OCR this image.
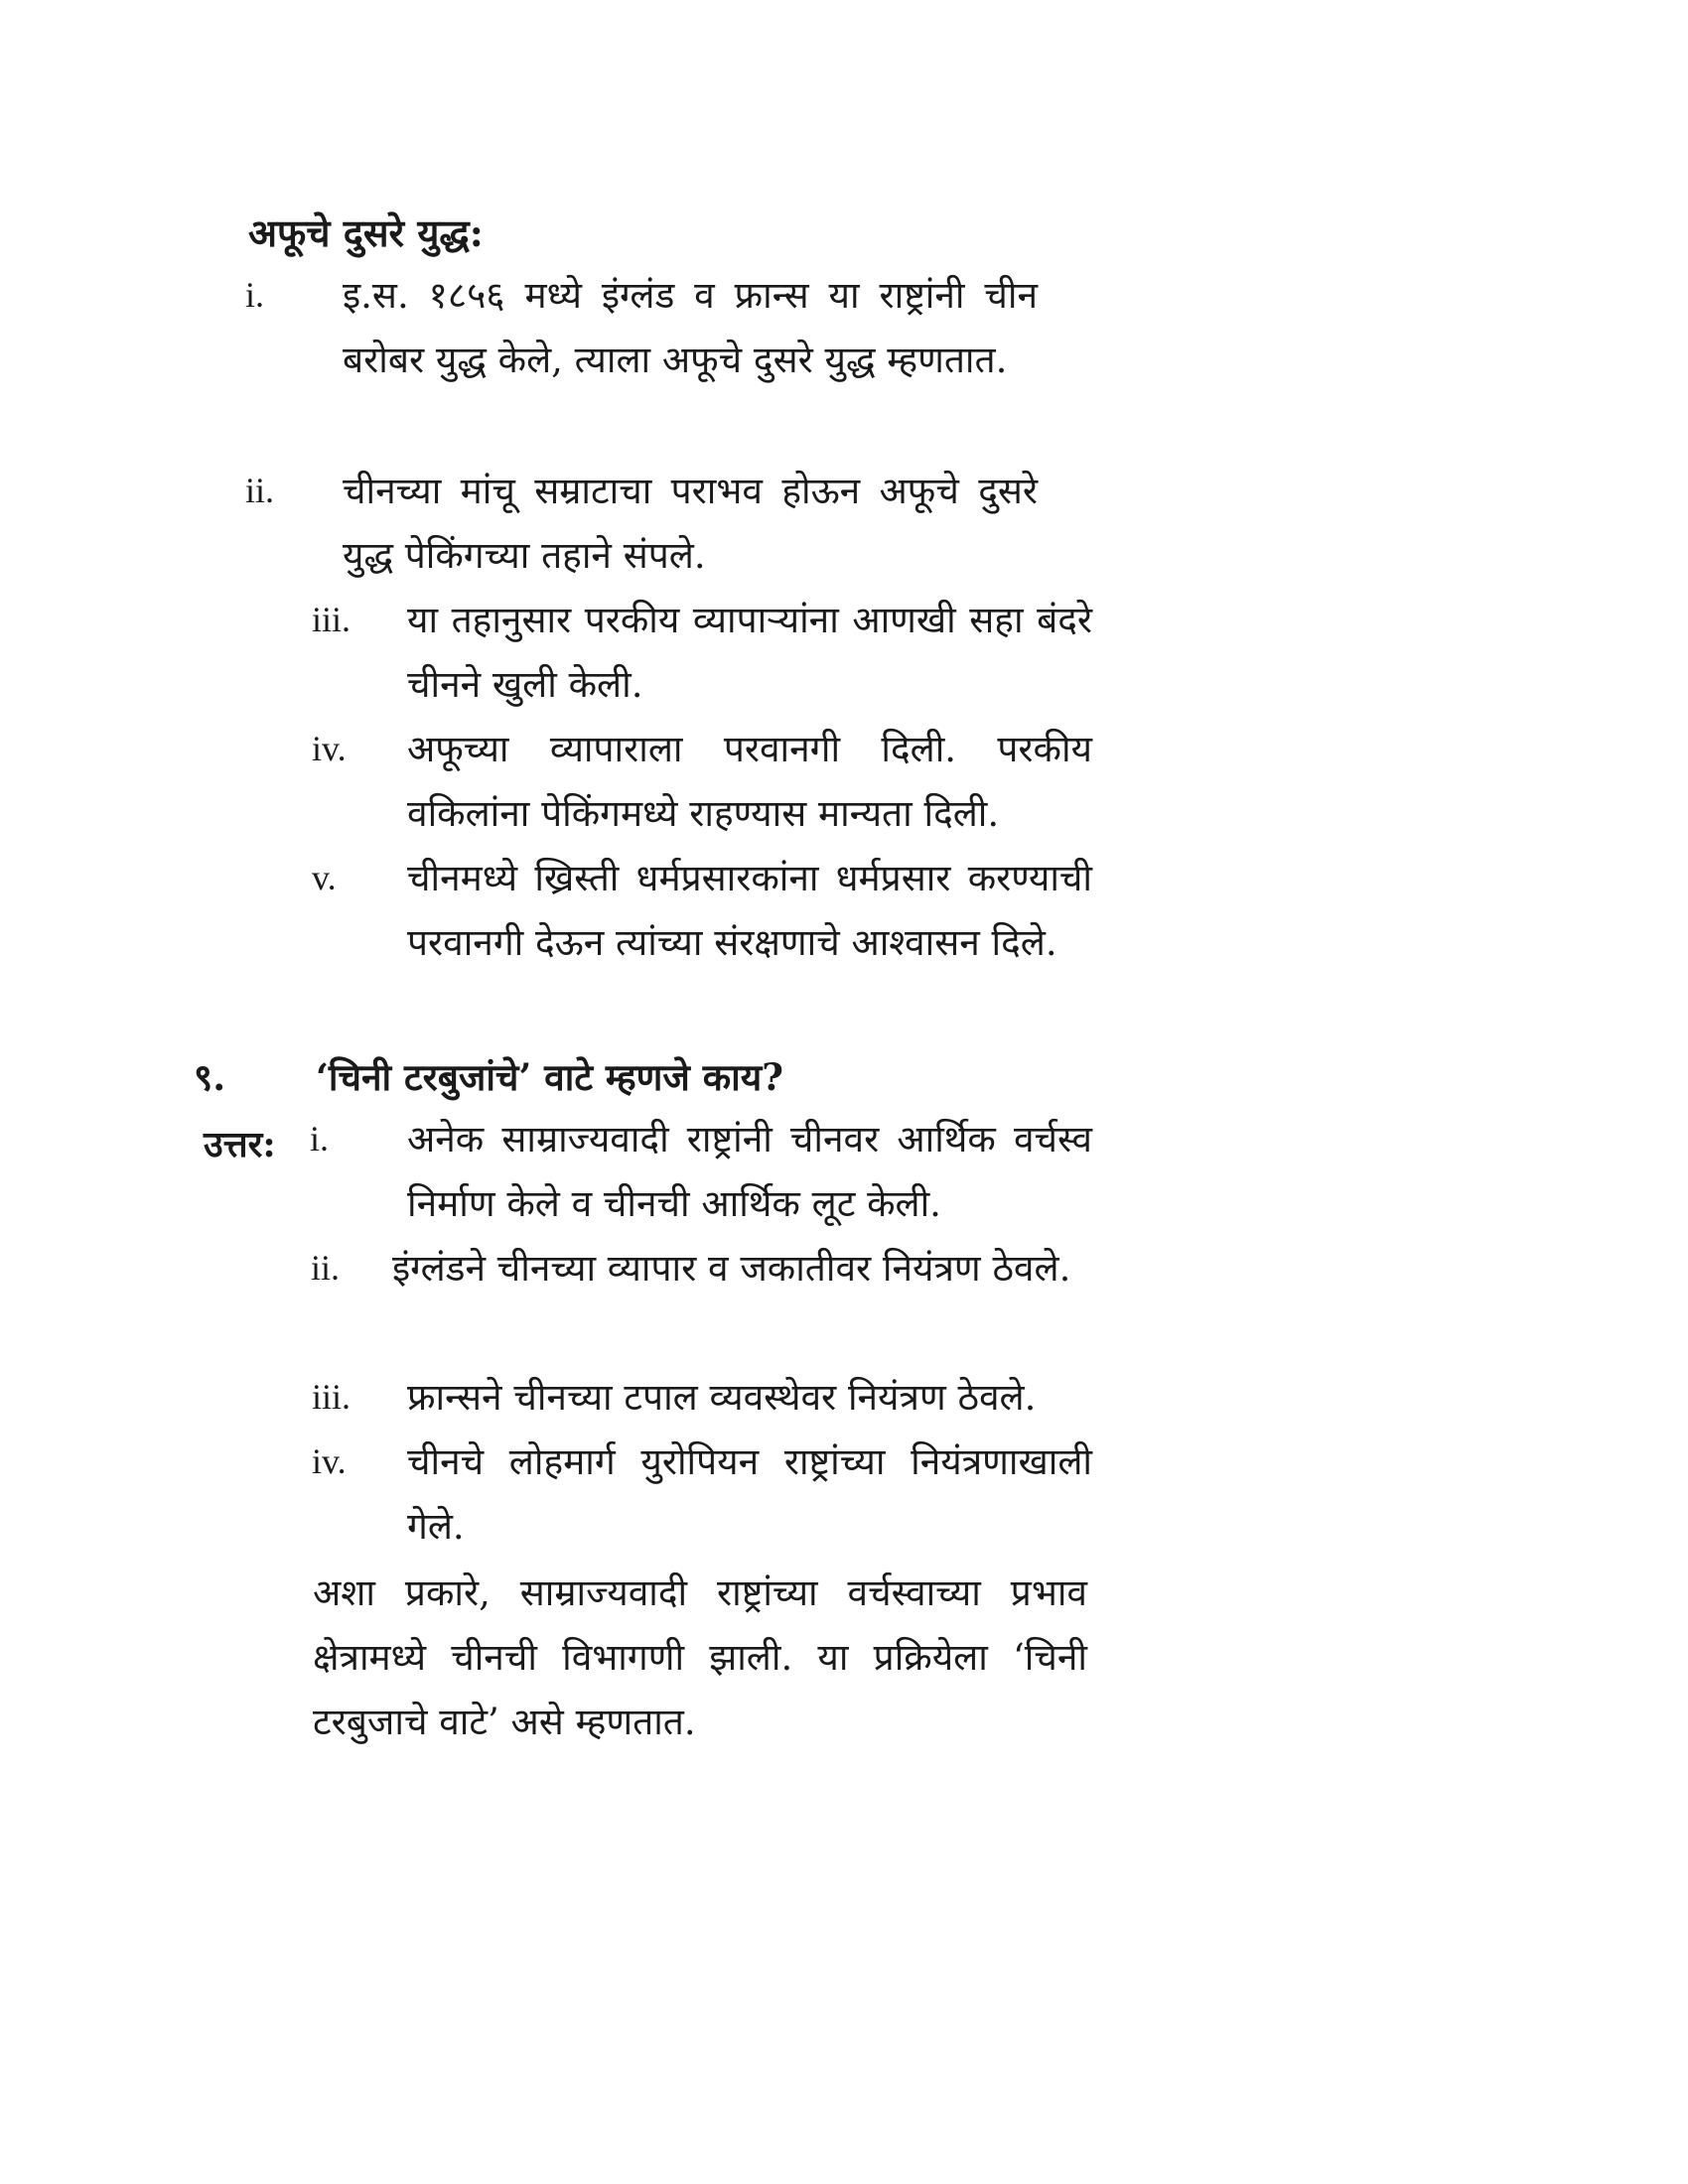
अफूचे दुसरे युद्ध:
i.	इ.स. १८५६ मध्ये इंग्लंड व फ्रान्स या राष्ट्रांनी चीन बरोबर युद्ध केले, त्याला अफूचे दुसरे युद्ध म्हणतात.
ii.	चीनच्या मांचू सम्राटाचा पराभव होऊन अफूचे दुसरे युद्ध पेकिंगच्या तहाने संपले.
iii.	या तहानुसार परकीय व्यापाऱ्यांना आणखी सहा बंदरे चीनने खुली केली.
iv.	अफूच्या व्यापाराला परवानगी दिली. परकीय वकिलांना पेकिंगमध्ये राहण्यास मान्यता दिली.
v.	चीनमध्ये ख्रिस्ती धर्मप्रसारकांना धर्मप्रसार करण्याची परवानगी देऊन त्यांच्या संरक्षणाचे आश्वासन दिले.
९. ‘चिनी टरबुजांचे’ वाटे म्हणजे काय?
उत्तर: i.	अनेक साम्राज्यवादी राष्ट्रांनी चीनवर आर्थिक वर्चस्व निर्माण केले व चीनची आर्थिक लूट केली.
ii.	इंग्लंडने चीनच्या व्यापार व जकातीवर नियंत्रण ठेवले.
iii.	फ्रान्सने चीनच्या टपाल व्यवस्थेवर नियंत्रण ठेवले.
iv.	चीनचे लोहमार्ग युरोपियन राष्ट्रांच्या नियंत्रणाखाली गेले.

अशा प्रकारे, साम्राज्यवादी राष्ट्रांच्या वर्चस्वाच्या प्रभाव क्षेत्रामध्ये चीनची विभागणी झाली. या प्रक्रियेला ‘चिनी टरबुजाचे वाटे’ असे म्हणतात.
